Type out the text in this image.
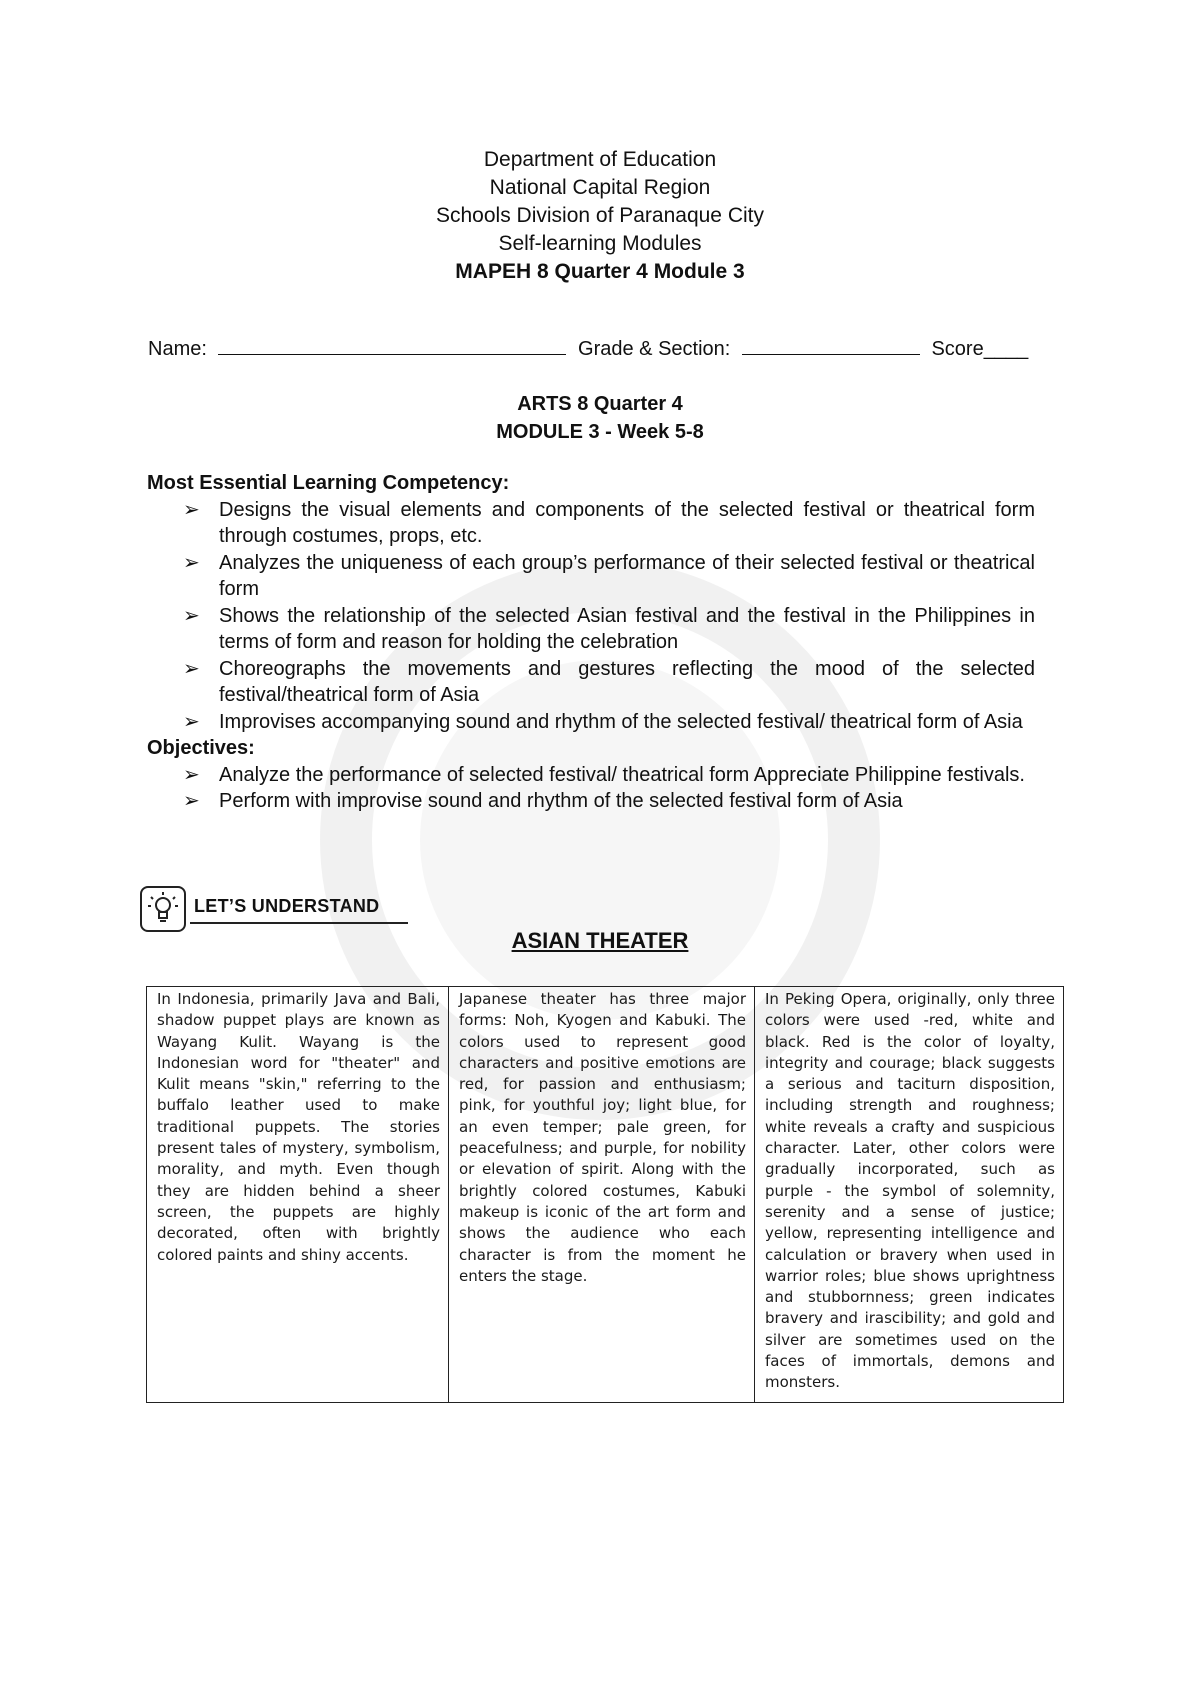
Department of Education
National Capital Region
Schools Division of Paranaque City
Self-learning Modules
MAPEH 8 Quarter 4 Module 3
Name:	Grade & Section:	Score____
ARTS 8 Quarter 4
MODULE 3 - Week 5-8
Most Essential Learning Competency:
➢ Designs the visual elements and components of the selected festival or theatrical form through costumes, props, etc.
➢ Analyzes the uniqueness of each group’s performance of their selected festival or theatrical form
➢ Shows the relationship of the selected Asian festival and the festival in the Philippines in terms of form and reason for holding the celebration
➢ Choreographs the movements and gestures reflecting the mood of the selected festival/theatrical form of Asia
➢ Improvises accompanying sound and rhythm of the selected festival/ theatrical form of Asia
Objectives:
➢ Analyze the performance of selected festival/ theatrical form Appreciate Philippine festivals.
➢ Perform with improvise sound and rhythm of the selected festival form of Asia
LET’S UNDERSTAND
ASIAN THEATER
In Indonesia, primarily Java and Bali, shadow puppet plays are known as Wayang Kulit. Wayang is the Indonesian word for "theater" and Kulit means "skin," referring to the buffalo leather used to make traditional puppets. The stories present tales of mystery, symbolism, morality, and myth. Even though they are hidden behind a sheer screen, the puppets are highly decorated, often with brightly colored paints and shiny accents.	Japanese theater has three major forms: Noh, Kyogen and Kabuki. The colors used to represent good characters and positive emotions are red, for passion and enthusiasm; pink, for youthful joy; light blue, for an even temper; pale green, for peacefulness; and purple, for nobility or elevation of spirit. Along with the brightly colored costumes, Kabuki makeup is iconic of the art form and shows the audience who each character is from the moment he enters the stage.	In Peking Opera, originally, only three colors were used -red, white and black. Red is the color of loyalty, integrity and courage; black suggests a serious and taciturn disposition, including strength and roughness; white reveals a crafty and suspicious character. Later, other colors were gradually incorporated, such as purple - the symbol of solemnity, serenity and a sense of justice; yellow, representing intelligence and calculation or bravery when used in warrior roles; blue shows uprightness and stubbornness; green indicates bravery and irascibility; and gold and silver are sometimes used on the faces of immortals, demons and monsters.
